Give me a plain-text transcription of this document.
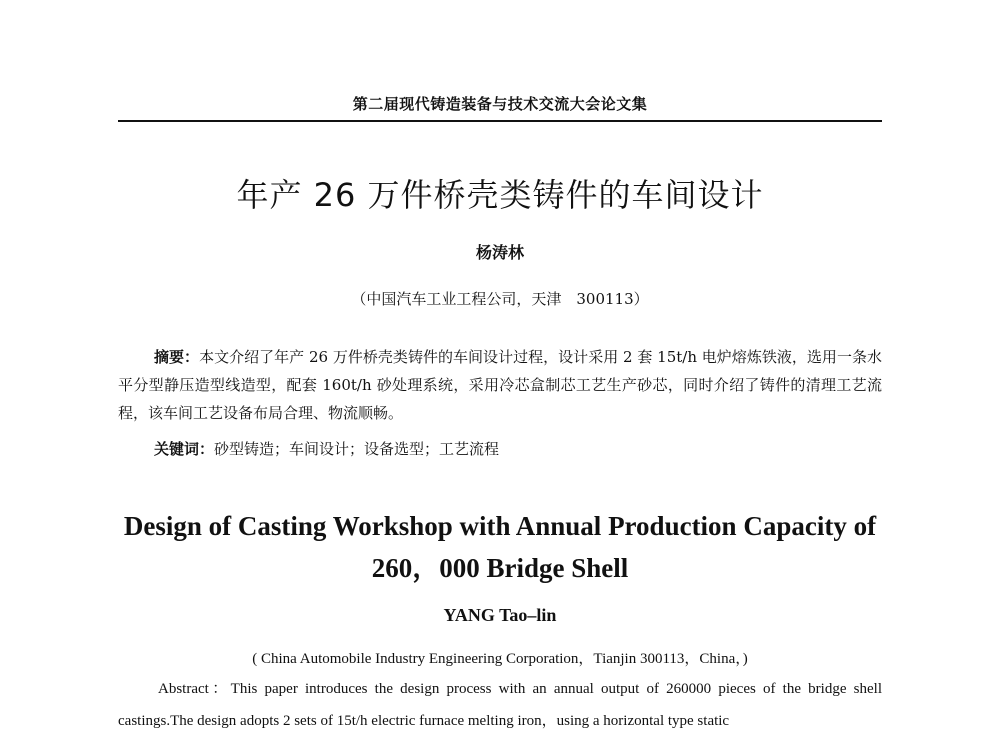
第二届现代铸造装备与技术交流大会论文集
年产 26 万件桥壳类铸件的车间设计
杨涛林
（中国汽车工业工程公司，天津　300113）
摘要：本文介绍了年产 26 万件桥壳类铸件的车间设计过程，设计采用 2 套 15t/h 电炉熔炼铁液，选用一条水平分型静压造型线造型，配套 160t/h 砂处理系统，采用冷芯盒制芯工艺生产砂芯，同时介绍了铸件的清理工艺流程，该车间工艺设备布局合理、物流顺畅。
关键词：砂型铸造；车间设计；设备选型；工艺流程
Design of Casting Workshop with Annual Production Capacity of
260，000 Bridge Shell
YANG Tao–lin
( China Automobile Industry Engineering Corporation，Tianjin 300113，China，)
Abstract：This paper introduces the design process with an annual output of 260000 pieces of the bridge shell castings.The design adopts 2 sets of 15t/h electric furnace melting iron，using a horizontal type static
